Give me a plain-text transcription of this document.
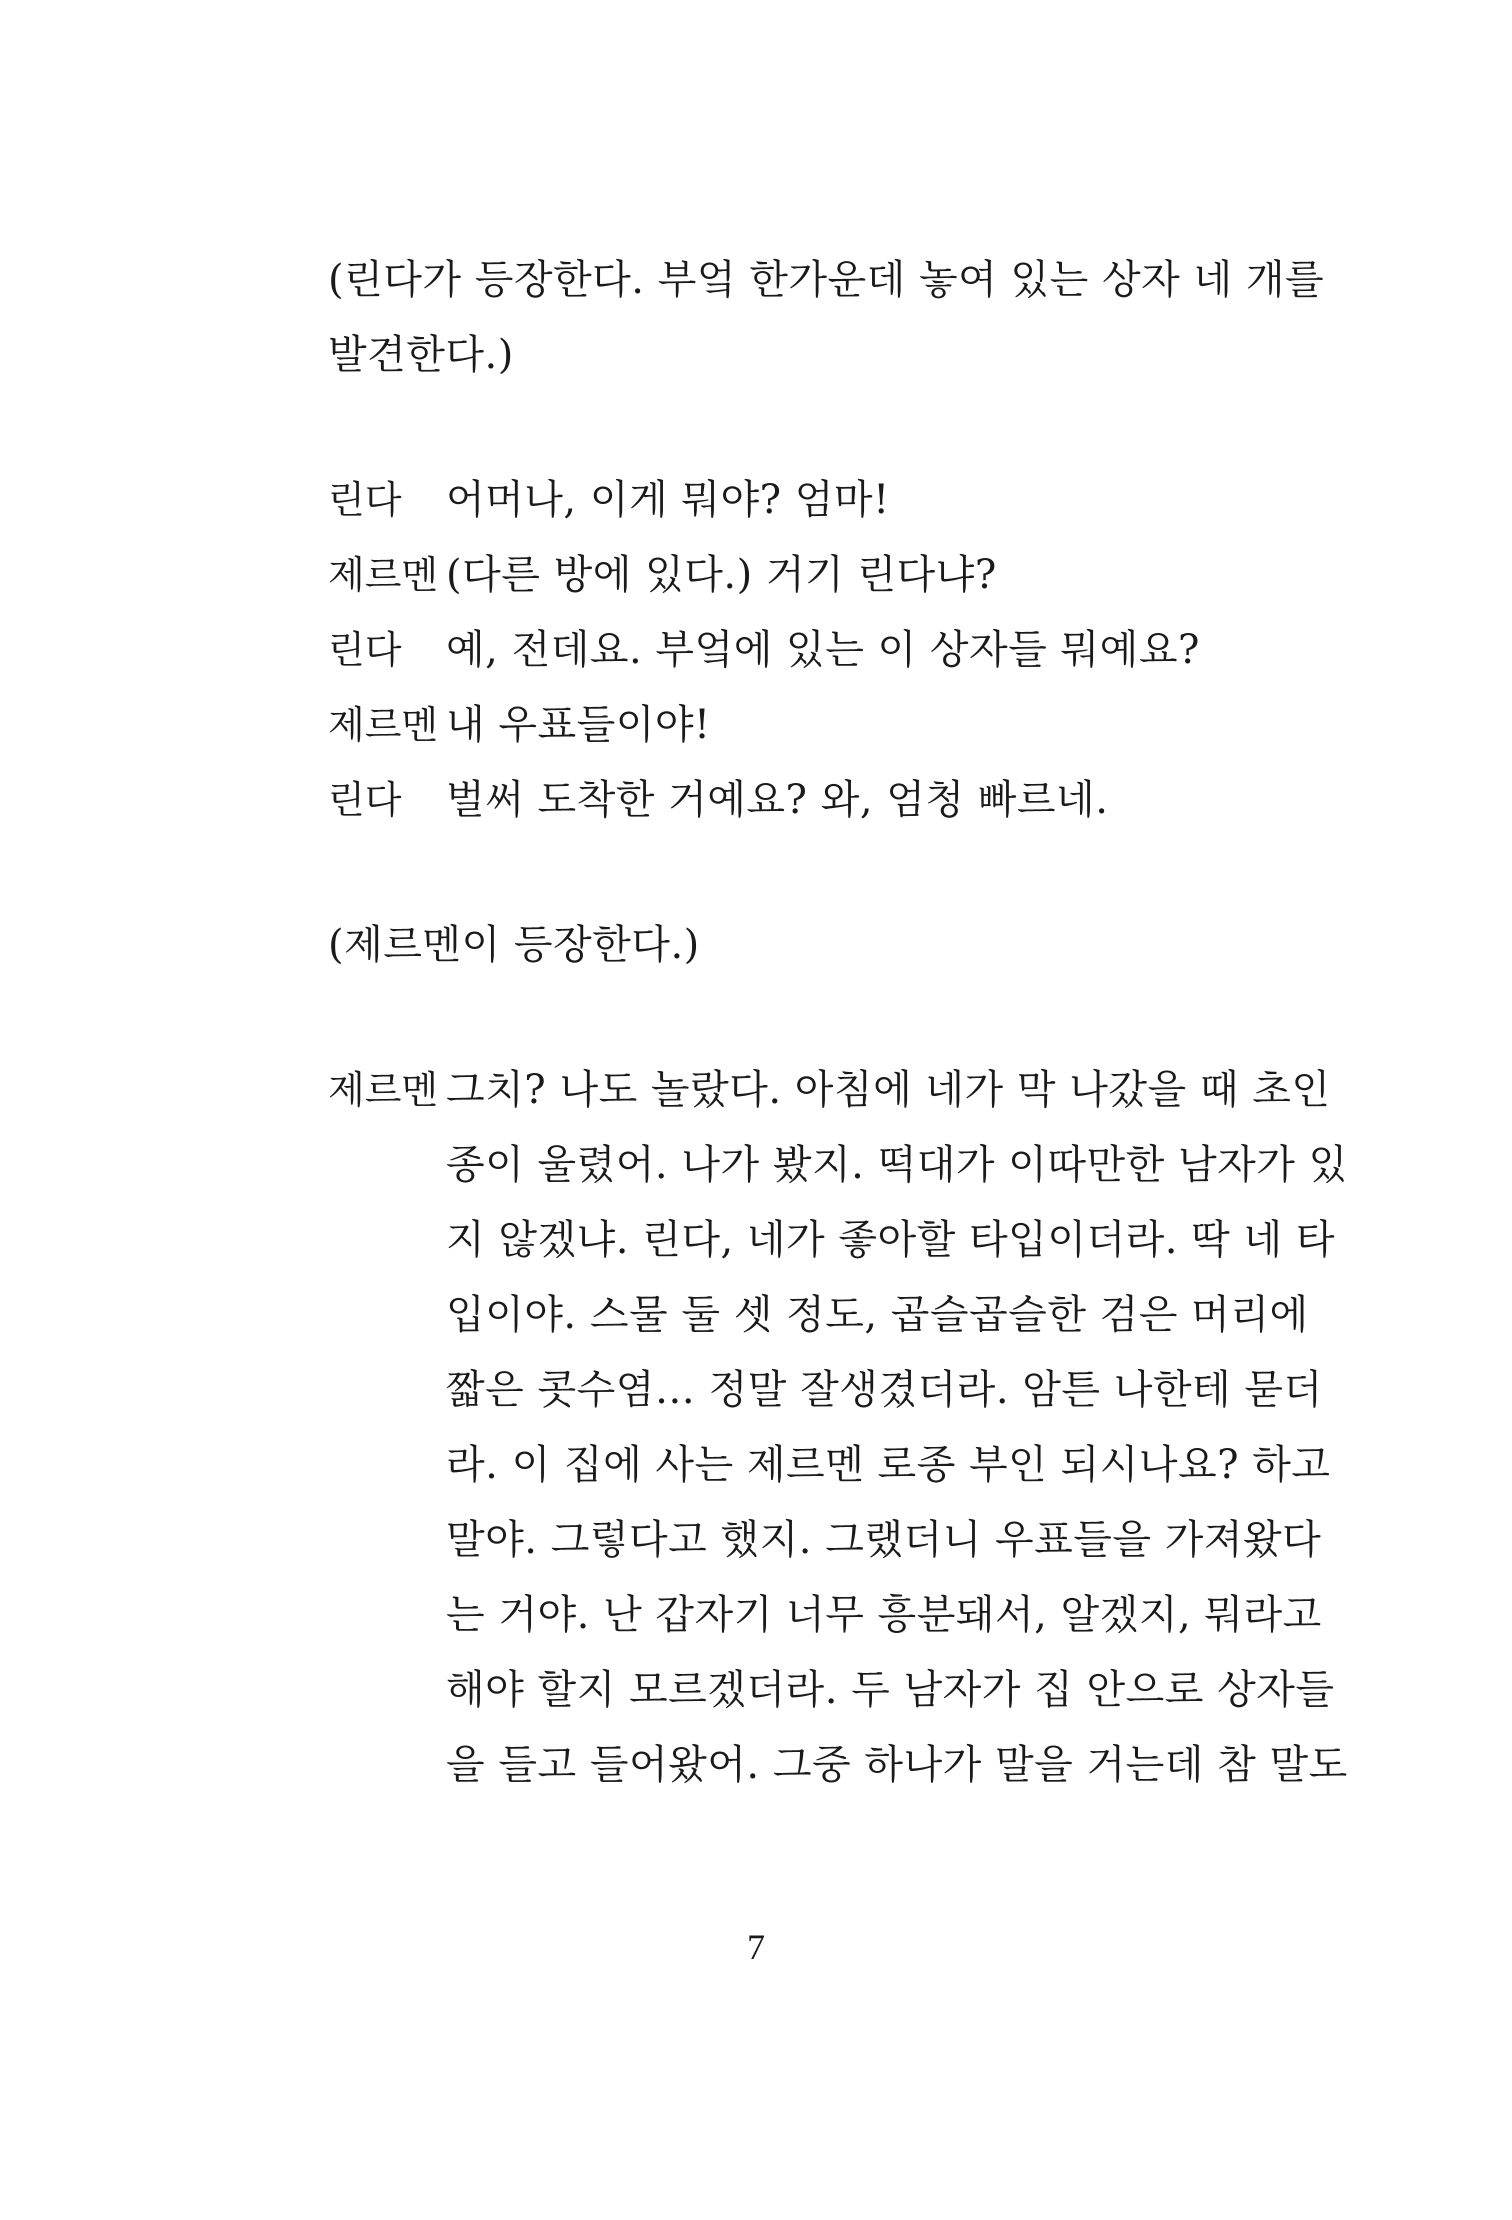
(린다가 등장한다. 부엌 한가운데 놓여 있는 상자 네 개를
발견한다.)
린다 어머나, 이게 뭐야? 엄마!
제르멘 (다른 방에 있다.) 거기 린다냐?
린다 예, 전데요. 부엌에 있는 이 상자들 뭐예요?
제르멘 내 우표들이야!
린다 벌써 도착한 거예요? 와, 엄청 빠르네.
(제르멘이 등장한다.)
제르멘 그치? 나도 놀랐다. 아침에 네가 막 나갔을 때 초인
종이 울렸어. 나가 봤지. 떡대가 이따만한 남자가 있
지 않겠냐. 린다, 네가 좋아할 타입이더라. 딱 네 타
입이야. 스물 둘 셋 정도, 곱슬곱슬한 검은 머리에
짧은 콧수염… 정말 잘생겼더라. 암튼 나한테 묻더
라. 이 집에 사는 제르멘 로종 부인 되시나요? 하고
말야. 그렇다고 했지. 그랬더니 우표들을 가져왔다
는 거야. 난 갑자기 너무 흥분돼서, 알겠지, 뭐라고
해야 할지 모르겠더라. 두 남자가 집 안으로 상자들
을 들고 들어왔어. 그중 하나가 말을 거는데 참 말도
7
